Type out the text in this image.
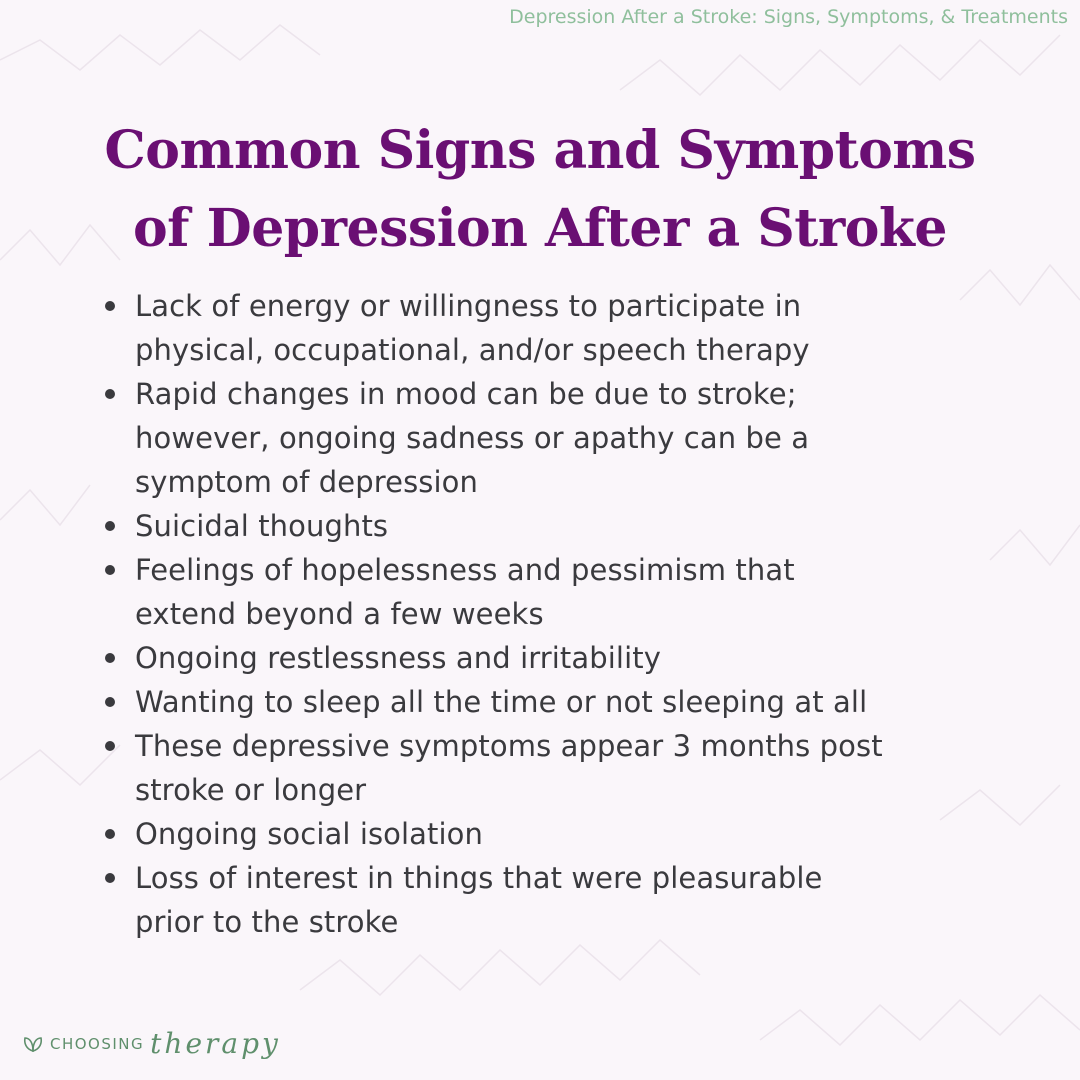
Depression After a Stroke: Signs, Symptoms, & Treatments
Common Signs and Symptoms
of Depression After a Stroke
Lack of energy or willingness to participate in
physical, occupational, and/or speech therapy
Rapid changes in mood can be due to stroke;
however, ongoing sadness or apathy can be a
symptom of depression
Suicidal thoughts
Feelings of hopelessness and pessimism that
extend beyond a few weeks
Ongoing restlessness and irritability
Wanting to sleep all the time or not sleeping at all
These depressive symptoms appear 3 months post
stroke or longer
Ongoing social isolation
Loss of interest in things that were pleasurable
prior to the stroke
CHOOSING therapy
